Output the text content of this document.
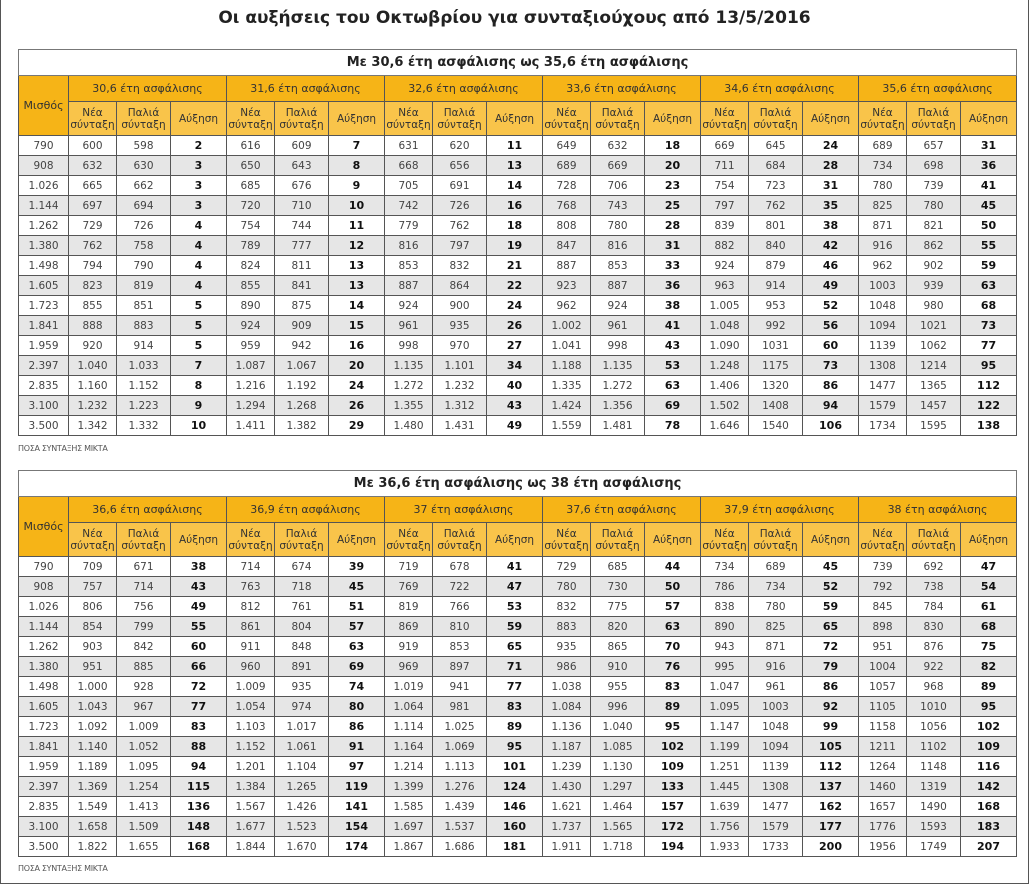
Οι αυξήσεις του Οκτωβρίου για συνταξιούχους από 13/5/2016
Με 30,6 έτη ασφάλισης ως 35,6 έτη ασφάλισης																		
Μισθός	30,6 έτη ασφάλισης			31,6 έτη ασφάλισης			32,6 έτη ασφάλισης			33,6 έτη ασφάλισης			34,6 έτη ασφάλισης			35,6 έτη ασφάλισης		
	Νέα σύνταξη	Παλιά σύνταξη	Αύξηση	Νέα σύνταξη	Παλιά σύνταξη	Αύξηση	Νέα σύνταξη	Παλιά σύνταξη	Αύξηση	Νέα σύνταξη	Παλιά σύνταξη	Αύξηση	Νέα σύνταξη	Παλιά σύνταξη	Αύξηση	Νέα σύνταξη	Παλιά σύνταξη	Αύξηση
790	600	598	2	616	609	7	631	620	11	649	632	18	669	645	24	689	657	31
908	632	630	3	650	643	8	668	656	13	689	669	20	711	684	28	734	698	36
1.026	665	662	3	685	676	9	705	691	14	728	706	23	754	723	31	780	739	41
1.144	697	694	3	720	710	10	742	726	16	768	743	25	797	762	35	825	780	45
1.262	729	726	4	754	744	11	779	762	18	808	780	28	839	801	38	871	821	50
1.380	762	758	4	789	777	12	816	797	19	847	816	31	882	840	42	916	862	55
1.498	794	790	4	824	811	13	853	832	21	887	853	33	924	879	46	962	902	59
1.605	823	819	4	855	841	13	887	864	22	923	887	36	963	914	49	1003	939	63
1.723	855	851	5	890	875	14	924	900	24	962	924	38	1.005	953	52	1048	980	68
1.841	888	883	5	924	909	15	961	935	26	1.002	961	41	1.048	992	56	1094	1021	73
1.959	920	914	5	959	942	16	998	970	27	1.041	998	43	1.090	1031	60	1139	1062	77
2.397	1.040	1.033	7	1.087	1.067	20	1.135	1.101	34	1.188	1.135	53	1.248	1175	73	1308	1214	95
2.835	1.160	1.152	8	1.216	1.192	24	1.272	1.232	40	1.335	1.272	63	1.406	1320	86	1477	1365	112
3.100	1.232	1.223	9	1.294	1.268	26	1.355	1.312	43	1.424	1.356	69	1.502	1408	94	1579	1457	122
3.500	1.342	1.332	10	1.411	1.382	29	1.480	1.431	49	1.559	1.481	78	1.646	1540	106	1734	1595	138
ΠΟΣΑ ΣΥΝΤΑΞΗΣ ΜΙΚΤΑ
Με 36,6 έτη ασφάλισης ως 38 έτη ασφάλισης																		
Μισθός	36,6 έτη ασφάλισης			36,9 έτη ασφάλισης			37 έτη ασφάλισης			37,6 έτη ασφάλισης			37,9 έτη ασφάλισης			38 έτη ασφάλισης		
	Νέα σύνταξη	Παλιά σύνταξη	Αύξηση	Νέα σύνταξη	Παλιά σύνταξη	Αύξηση	Νέα σύνταξη	Παλιά σύνταξη	Αύξηση	Νέα σύνταξη	Παλιά σύνταξη	Αύξηση	Νέα σύνταξη	Παλιά σύνταξη	Αύξηση	Νέα σύνταξη	Παλιά σύνταξη	Αύξηση
790	709	671	38	714	674	39	719	678	41	729	685	44	734	689	45	739	692	47
908	757	714	43	763	718	45	769	722	47	780	730	50	786	734	52	792	738	54
1.026	806	756	49	812	761	51	819	766	53	832	775	57	838	780	59	845	784	61
1.144	854	799	55	861	804	57	869	810	59	883	820	63	890	825	65	898	830	68
1.262	903	842	60	911	848	63	919	853	65	935	865	70	943	871	72	951	876	75
1.380	951	885	66	960	891	69	969	897	71	986	910	76	995	916	79	1004	922	82
1.498	1.000	928	72	1.009	935	74	1.019	941	77	1.038	955	83	1.047	961	86	1057	968	89
1.605	1.043	967	77	1.054	974	80	1.064	981	83	1.084	996	89	1.095	1003	92	1105	1010	95
1.723	1.092	1.009	83	1.103	1.017	86	1.114	1.025	89	1.136	1.040	95	1.147	1048	99	1158	1056	102
1.841	1.140	1.052	88	1.152	1.061	91	1.164	1.069	95	1.187	1.085	102	1.199	1094	105	1211	1102	109
1.959	1.189	1.095	94	1.201	1.104	97	1.214	1.113	101	1.239	1.130	109	1.251	1139	112	1264	1148	116
2.397	1.369	1.254	115	1.384	1.265	119	1.399	1.276	124	1.430	1.297	133	1.445	1308	137	1460	1319	142
2.835	1.549	1.413	136	1.567	1.426	141	1.585	1.439	146	1.621	1.464	157	1.639	1477	162	1657	1490	168
3.100	1.658	1.509	148	1.677	1.523	154	1.697	1.537	160	1.737	1.565	172	1.756	1579	177	1776	1593	183
3.500	1.822	1.655	168	1.844	1.670	174	1.867	1.686	181	1.911	1.718	194	1.933	1733	200	1956	1749	207
ΠΟΣΑ ΣΥΝΤΑΞΗΣ ΜΙΚΤΑ
